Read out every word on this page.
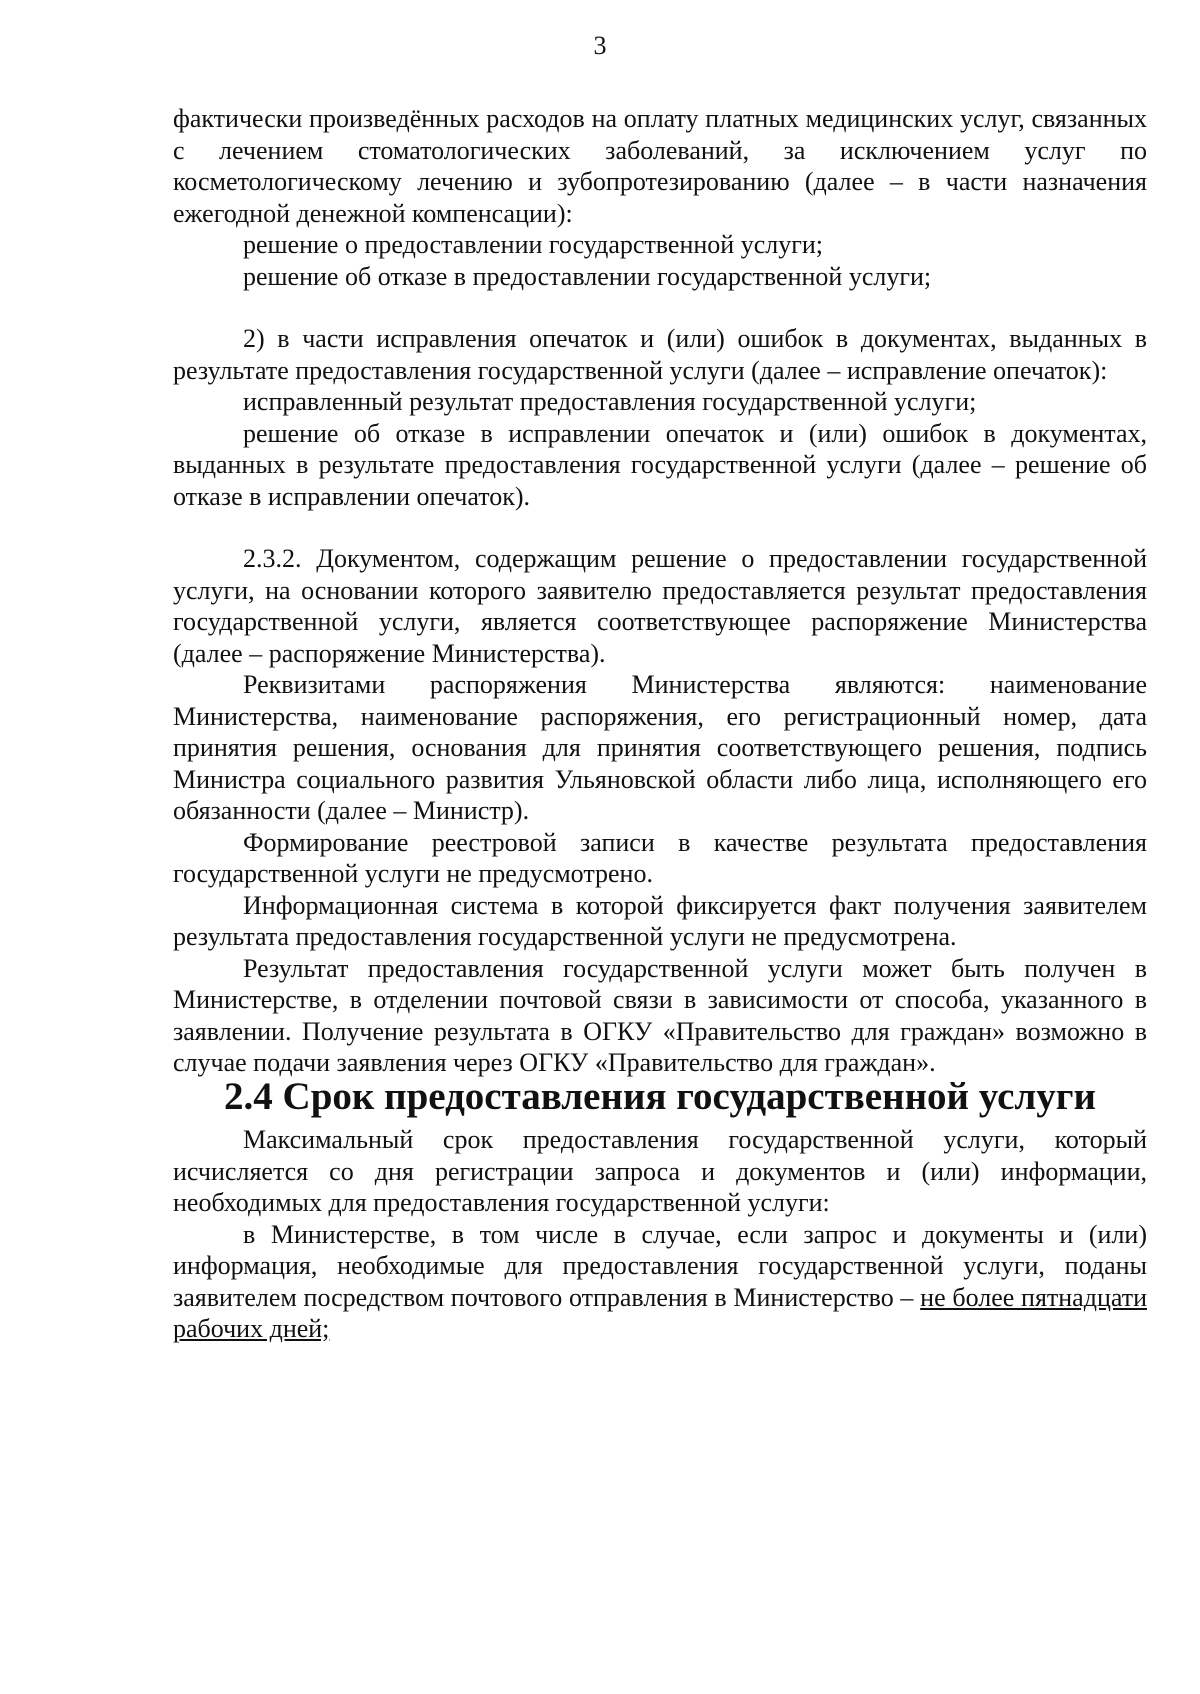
3

фактически произведённых расходов на оплату платных медицинских услуг, связанных с лечением стоматологических заболеваний, за исключением услуг по косметологическому лечению и зубопротезированию (далее – в части назначения ежегодной денежной компенсации):

решение о предоставлении государственной услуги;

решение об отказе в предоставлении государственной услуги;

2) в части исправления опечаток и (или) ошибок в документах, выданных в результате предоставления государственной услуги (далее – исправление опечаток):

исправленный результат предоставления государственной услуги;

решение об отказе в исправлении опечаток и (или) ошибок в документах, выданных в результате предоставления государственной услуги (далее – решение об отказе в исправлении опечаток).

2.3.2. Документом, содержащим решение о предоставлении государственной услуги, на основании которого заявителю предоставляется результат предоставления государственной услуги, является соответствующее распоряжение Министерства (далее – распоряжение Министерства).

Реквизитами распоряжения Министерства являются: наименование Министерства, наименование распоряжения, его регистрационный номер, дата принятия решения, основания для принятия соответствующего решения, подпись Министра социального развития Ульяновской области либо лица, исполняющего его обязанности (далее – Министр).

Формирование реестровой записи в качестве результата предоставления государственной услуги не предусмотрено.

Информационная система в которой фиксируется факт получения заявителем результата предоставления государственной услуги не предусмотрена.

Результат предоставления государственной услуги может быть получен в Министерстве, в отделении почтовой связи в зависимости от способа, указанного в заявлении. Получение результата в ОГКУ «Правительство для граждан» возможно в случае подачи заявления через ОГКУ «Правительство для граждан».

2.4 Срок предоставления государственной услуги

Максимальный срок предоставления государственной услуги, который исчисляется со дня регистрации запроса и документов и (или) информации, необходимых для предоставления государственной услуги:

в Министерстве, в том числе в случае, если запрос и документы и (или) информация, необходимые для предоставления государственной услуги, поданы заявителем посредством почтового отправления в Министерство – не более пятнадцати рабочих дней;
